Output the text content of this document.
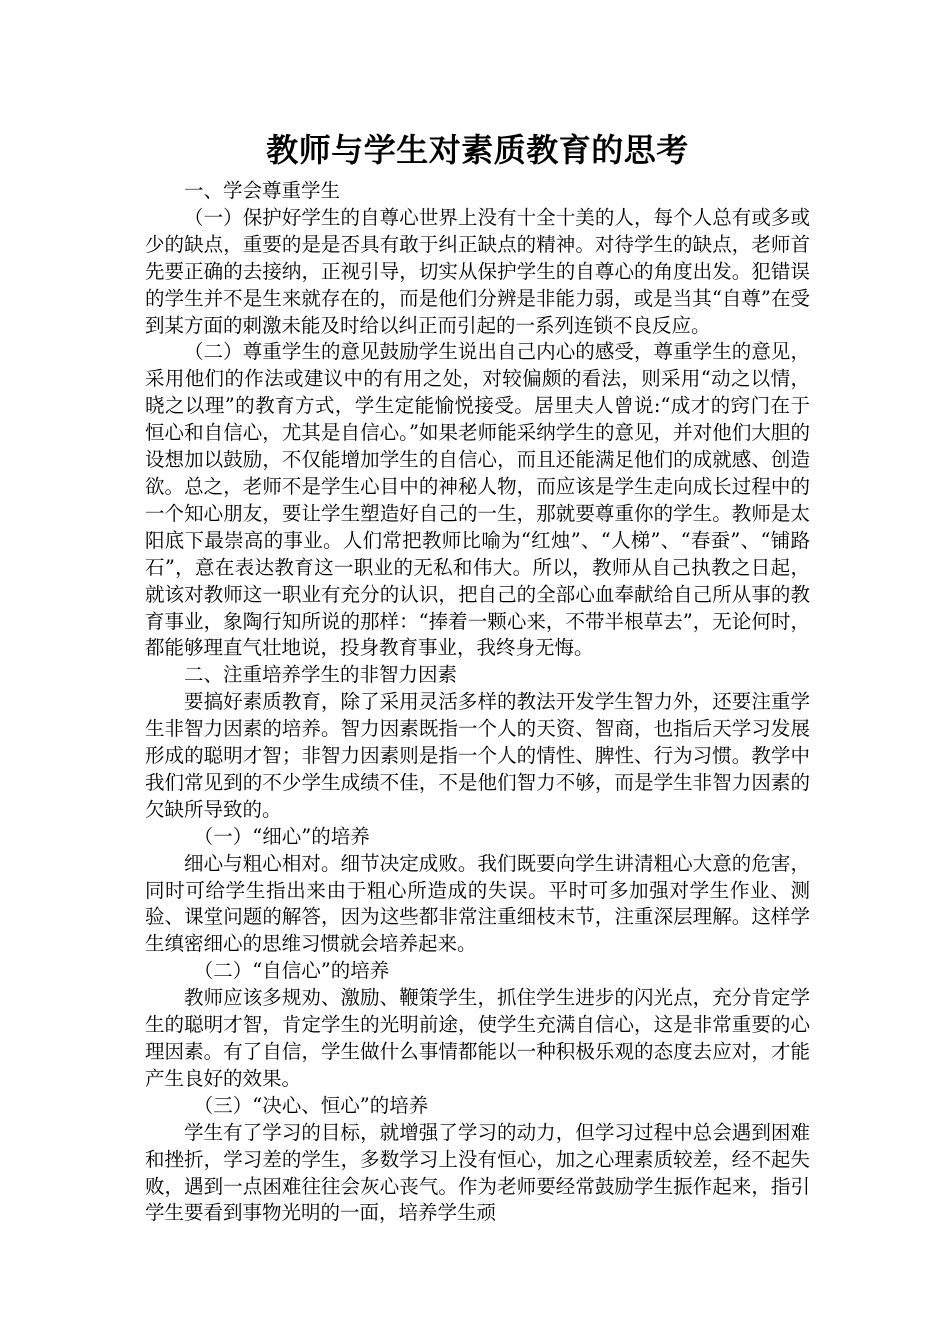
教师与学生对素质教育的思考

一、学会尊重学生

（一）保护好学生的自尊心世界上没有十全十美的人，每个人总有或多或少的缺点，重要的是是否具有敢于纠正缺点的精神。对待学生的缺点，老师首先要正确的去接纳，正视引导，切实从保护学生的自尊心的角度出发。犯错误的学生并不是生来就存在的，而是他们分辨是非能力弱，或是当其“自尊”在受到某方面的刺激未能及时给以纠正而引起的一系列连锁不良反应。

（二）尊重学生的意见鼓励学生说出自己内心的感受，尊重学生的意见，采用他们的作法或建议中的有用之处，对较偏颇的看法，则采用“动之以情，晓之以理”的教育方式，学生定能愉悦接受。居里夫人曾说:“成才的窍门在于恒心和自信心，尤其是自信心。”如果老师能采纳学生的意见，并对他们大胆的设想加以鼓励，不仅能增加学生的自信心，而且还能满足他们的成就感、创造欲。总之，老师不是学生心目中的神秘人物，而应该是学生走向成长过程中的一个知心朋友，要让学生塑造好自己的一生，那就要尊重你的学生。教师是太阳底下最崇高的事业。人们常把教师比喻为“红烛”、“人梯”、“春蚕”、“铺路石”，意在表达教育这一职业的无私和伟大。所以，教师从自己执教之日起，就该对教师这一职业有充分的认识，把自己的全部心血奉献给自己所从事的教育事业，象陶行知所说的那样：“捧着一颗心来，不带半根草去”，无论何时，都能够理直气壮地说，投身教育事业，我终身无悔。

二、注重培养学生的非智力因素

要搞好素质教育，除了采用灵活多样的教法开发学生智力外，还要注重学生非智力因素的培养。智力因素既指一个人的天资、智商，也指后天学习发展形成的聪明才智；非智力因素则是指一个人的情性、脾性、行为习惯。教学中我们常见到的不少学生成绩不佳，不是他们智力不够，而是学生非智力因素的欠缺所导致的。

（一）“细心”的培养

细心与粗心相对。细节决定成败。我们既要向学生讲清粗心大意的危害，同时可给学生指出来由于粗心所造成的失误。平时可多加强对学生作业、测验、课堂问题的解答，因为这些都非常注重细枝末节，注重深层理解。这样学生缜密细心的思维习惯就会培养起来。

（二）“自信心”的培养

教师应该多规劝、激励、鞭策学生，抓住学生进步的闪光点，充分肯定学生的聪明才智，肯定学生的光明前途，使学生充满自信心，这是非常重要的心理因素。有了自信，学生做什么事情都能以一种积极乐观的态度去应对，才能产生良好的效果。

（三）“决心、恒心”的培养

学生有了学习的目标，就增强了学习的动力，但学习过程中总会遇到困难和挫折，学习差的学生，多数学习上没有恒心，加之心理素质较差，经不起失败，遇到一点困难往往会灰心丧气。作为老师要经常鼓励学生振作起来，指引学生要看到事物光明的一面，培养学生顽
